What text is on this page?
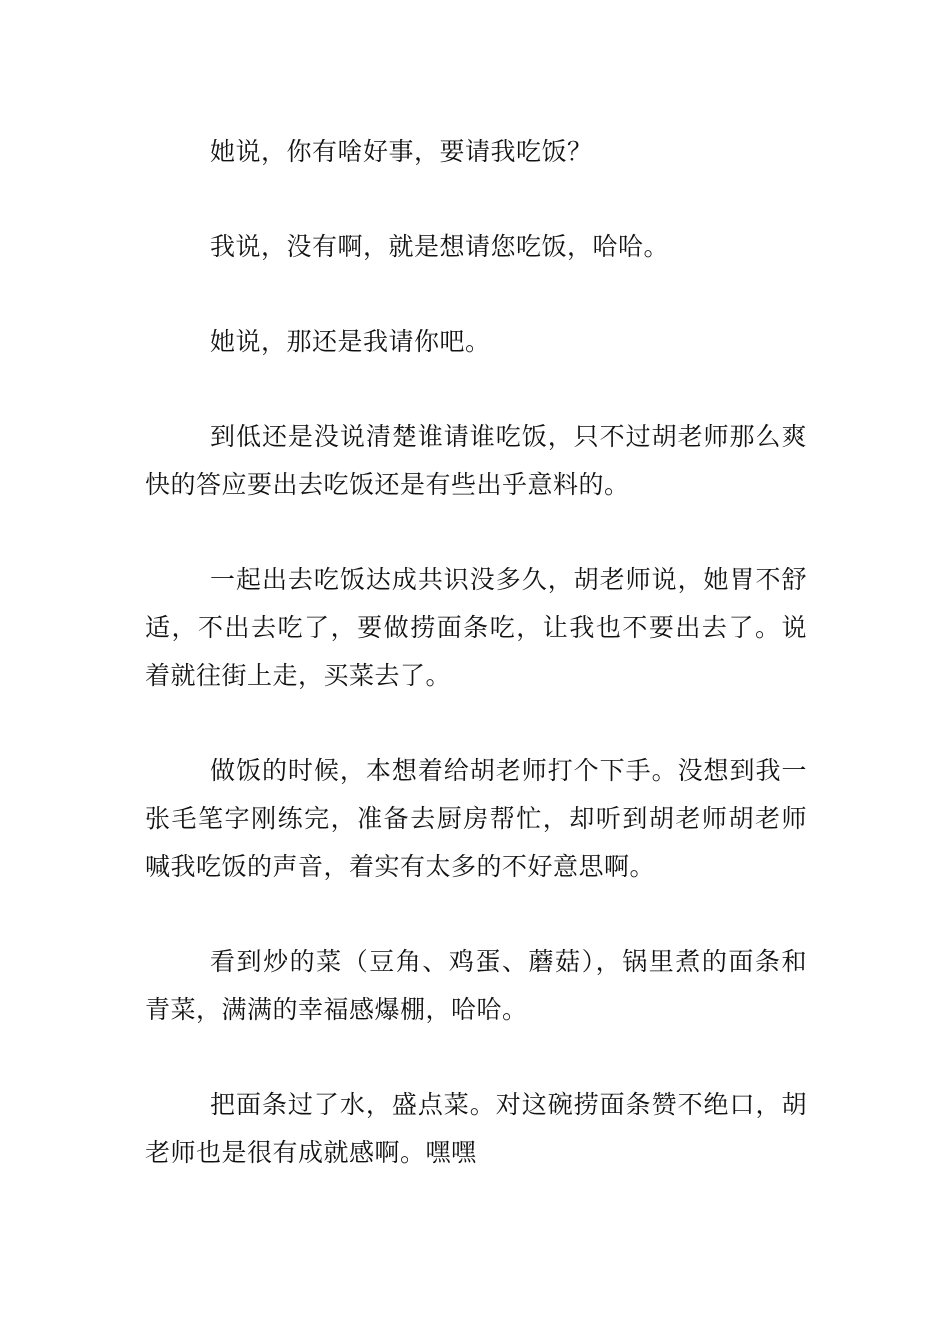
她说，你有啥好事，要请我吃饭？

我说，没有啊，就是想请您吃饭，哈哈。

她说，那还是我请你吧。

到低还是没说清楚谁请谁吃饭，只不过胡老师那么爽快的答应要出去吃饭还是有些出乎意料的。

一起出去吃饭达成共识没多久，胡老师说，她胃不舒适，不出去吃了，要做捞面条吃，让我也不要出去了。说着就往街上走，买菜去了。

做饭的时候，本想着给胡老师打个下手。没想到我一张毛笔字刚练完，准备去厨房帮忙，却听到胡老师胡老师喊我吃饭的声音，着实有太多的不好意思啊。

看到炒的菜（豆角、鸡蛋、蘑菇），锅里煮的面条和青菜，满满的幸福感爆棚，哈哈。

把面条过了水，盛点菜。对这碗捞面条赞不绝口，胡老师也是很有成就感啊。嘿嘿
